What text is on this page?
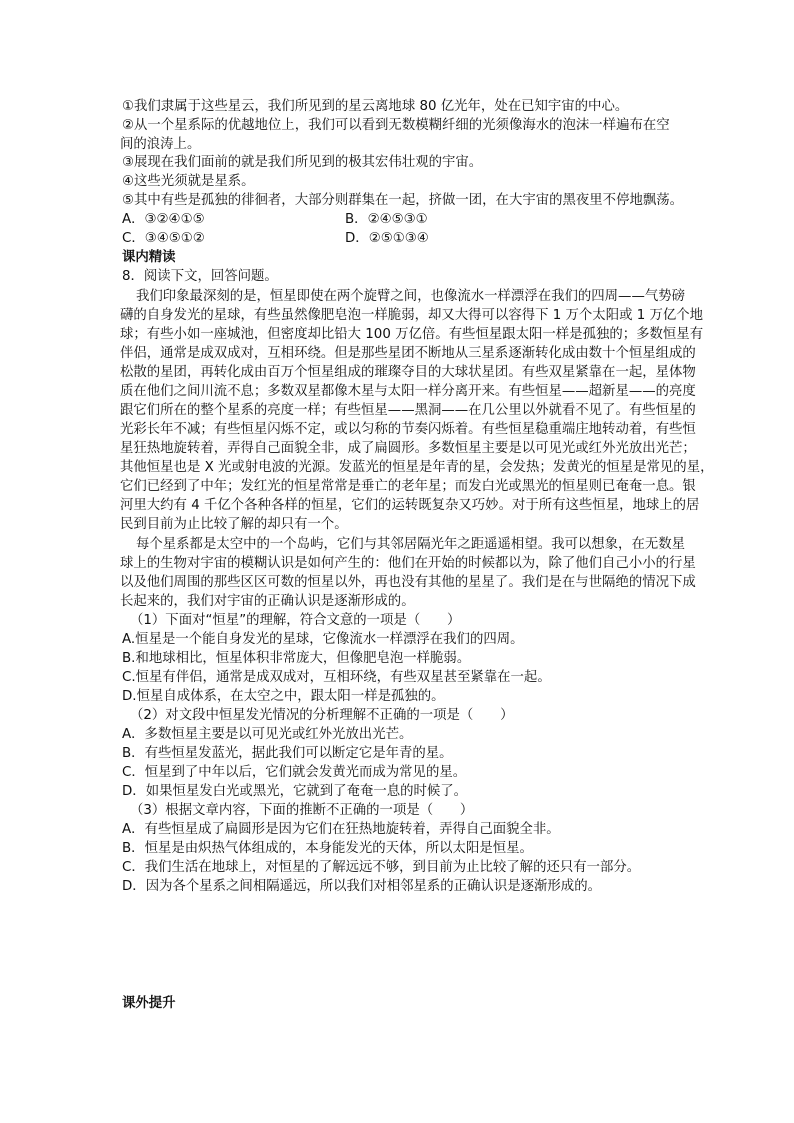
①我们隶属于这些星云，我们所见到的星云离地球 80 亿光年，处在已知宇宙的中心。
②从一个星系际的优越地位上，我们可以看到无数模糊纤细的光须像海水的泡沫一样遍布在空
间的浪涛上。
③展现在我们面前的就是我们所见到的极其宏伟壮观的宇宙。
④这些光须就是星系。
⑤其中有些是孤独的徘徊者，大部分则群集在一起，挤做一团，在大宇宙的黑夜里不停地飘荡。
A．③②④①⑤	B．②④⑤③①
C．③④⑤①②	D．②⑤①③④
课内精读
8．阅读下文，回答问题。
我们印象最深刻的是，恒星即使在两个旋臂之间，也像流水一样漂浮在我们的四周——气势磅
礴的自身发光的星球，有些虽然像肥皂泡一样脆弱，却又大得可以容得下 1 万个太阳或 1 万亿个地
球；有些小如一座城池，但密度却比铅大 100 万亿倍。有些恒星跟太阳一样是孤独的；多数恒星有
伴侣，通常是成双成对，互相环绕。但是那些星团不断地从三星系逐渐转化成由数十个恒星组成的
松散的星团，再转化成由百万个恒星组成的璀璨夺目的大球状星团。有些双星紧靠在一起，星体物
质在他们之间川流不息；多数双星都像木星与太阳一样分离开来。有些恒星——超新星——的亮度
跟它们所在的整个星系的亮度一样；有些恒星——黑洞——在几公里以外就看不见了。有些恒星的
光彩长年不减；有些恒星闪烁不定，或以匀称的节奏闪烁着。有些恒星稳重端庄地转动着，有些恒
星狂热地旋转着，弄得自己面貌全非，成了扁圆形。多数恒星主要是以可见光或红外光放出光芒；
其他恒星也是 X 光或射电波的光源。发蓝光的恒星是年青的星，会发热；发黄光的恒星是常见的星，
它们已经到了中年；发红光的恒星常常是垂亡的老年星；而发白光或黑光的恒星则已奄奄一息。银
河里大约有 4 千亿个各种各样的恒星，它们的运转既复杂又巧妙。对于所有这些恒星，地球上的居
民到目前为止比较了解的却只有一个。
每个星系都是太空中的一个岛屿，它们与其邻居隔光年之距遥遥相望。我可以想象，在无数星
球上的生物对宇宙的模糊认识是如何产生的：他们在开始的时候都以为，除了他们自己小小的行星
以及他们周围的那些区区可数的恒星以外，再也没有其他的星星了。我们是在与世隔绝的情况下成
长起来的，我们对宇宙的正确认识是逐渐形成的。
（1）下面对“恒星”的理解，符合文意的一项是（　　）
A.恒星是一个能自身发光的星球，它像流水一样漂浮在我们的四周。
B.和地球相比，恒星体积非常庞大，但像肥皂泡一样脆弱。
C.恒星有伴侣，通常是成双成对，互相环绕，有些双星甚至紧靠在一起。
D.恒星自成体系，在太空之中，跟太阳一样是孤独的。
（2）对文段中恒星发光情况的分析理解不正确的一项是（　　）
A．多数恒星主要是以可见光或红外光放出光芒。
B．有些恒星发蓝光，据此我们可以断定它是年青的星。
C．恒星到了中年以后，它们就会发黄光而成为常见的星。
D．如果恒星发白光或黑光，它就到了奄奄一息的时候了。
（3）根据文章内容，下面的推断不正确的一项是（　　）
A．有些恒星成了扁圆形是因为它们在狂热地旋转着，弄得自己面貌全非。
B．恒星是由炽热气体组成的，本身能发光的天体，所以太阳是恒星。
C．我们生活在地球上，对恒星的了解远远不够，到目前为止比较了解的还只有一部分。
D．因为各个星系之间相隔遥远，所以我们对相邻星系的正确认识是逐渐形成的。
课外提升
